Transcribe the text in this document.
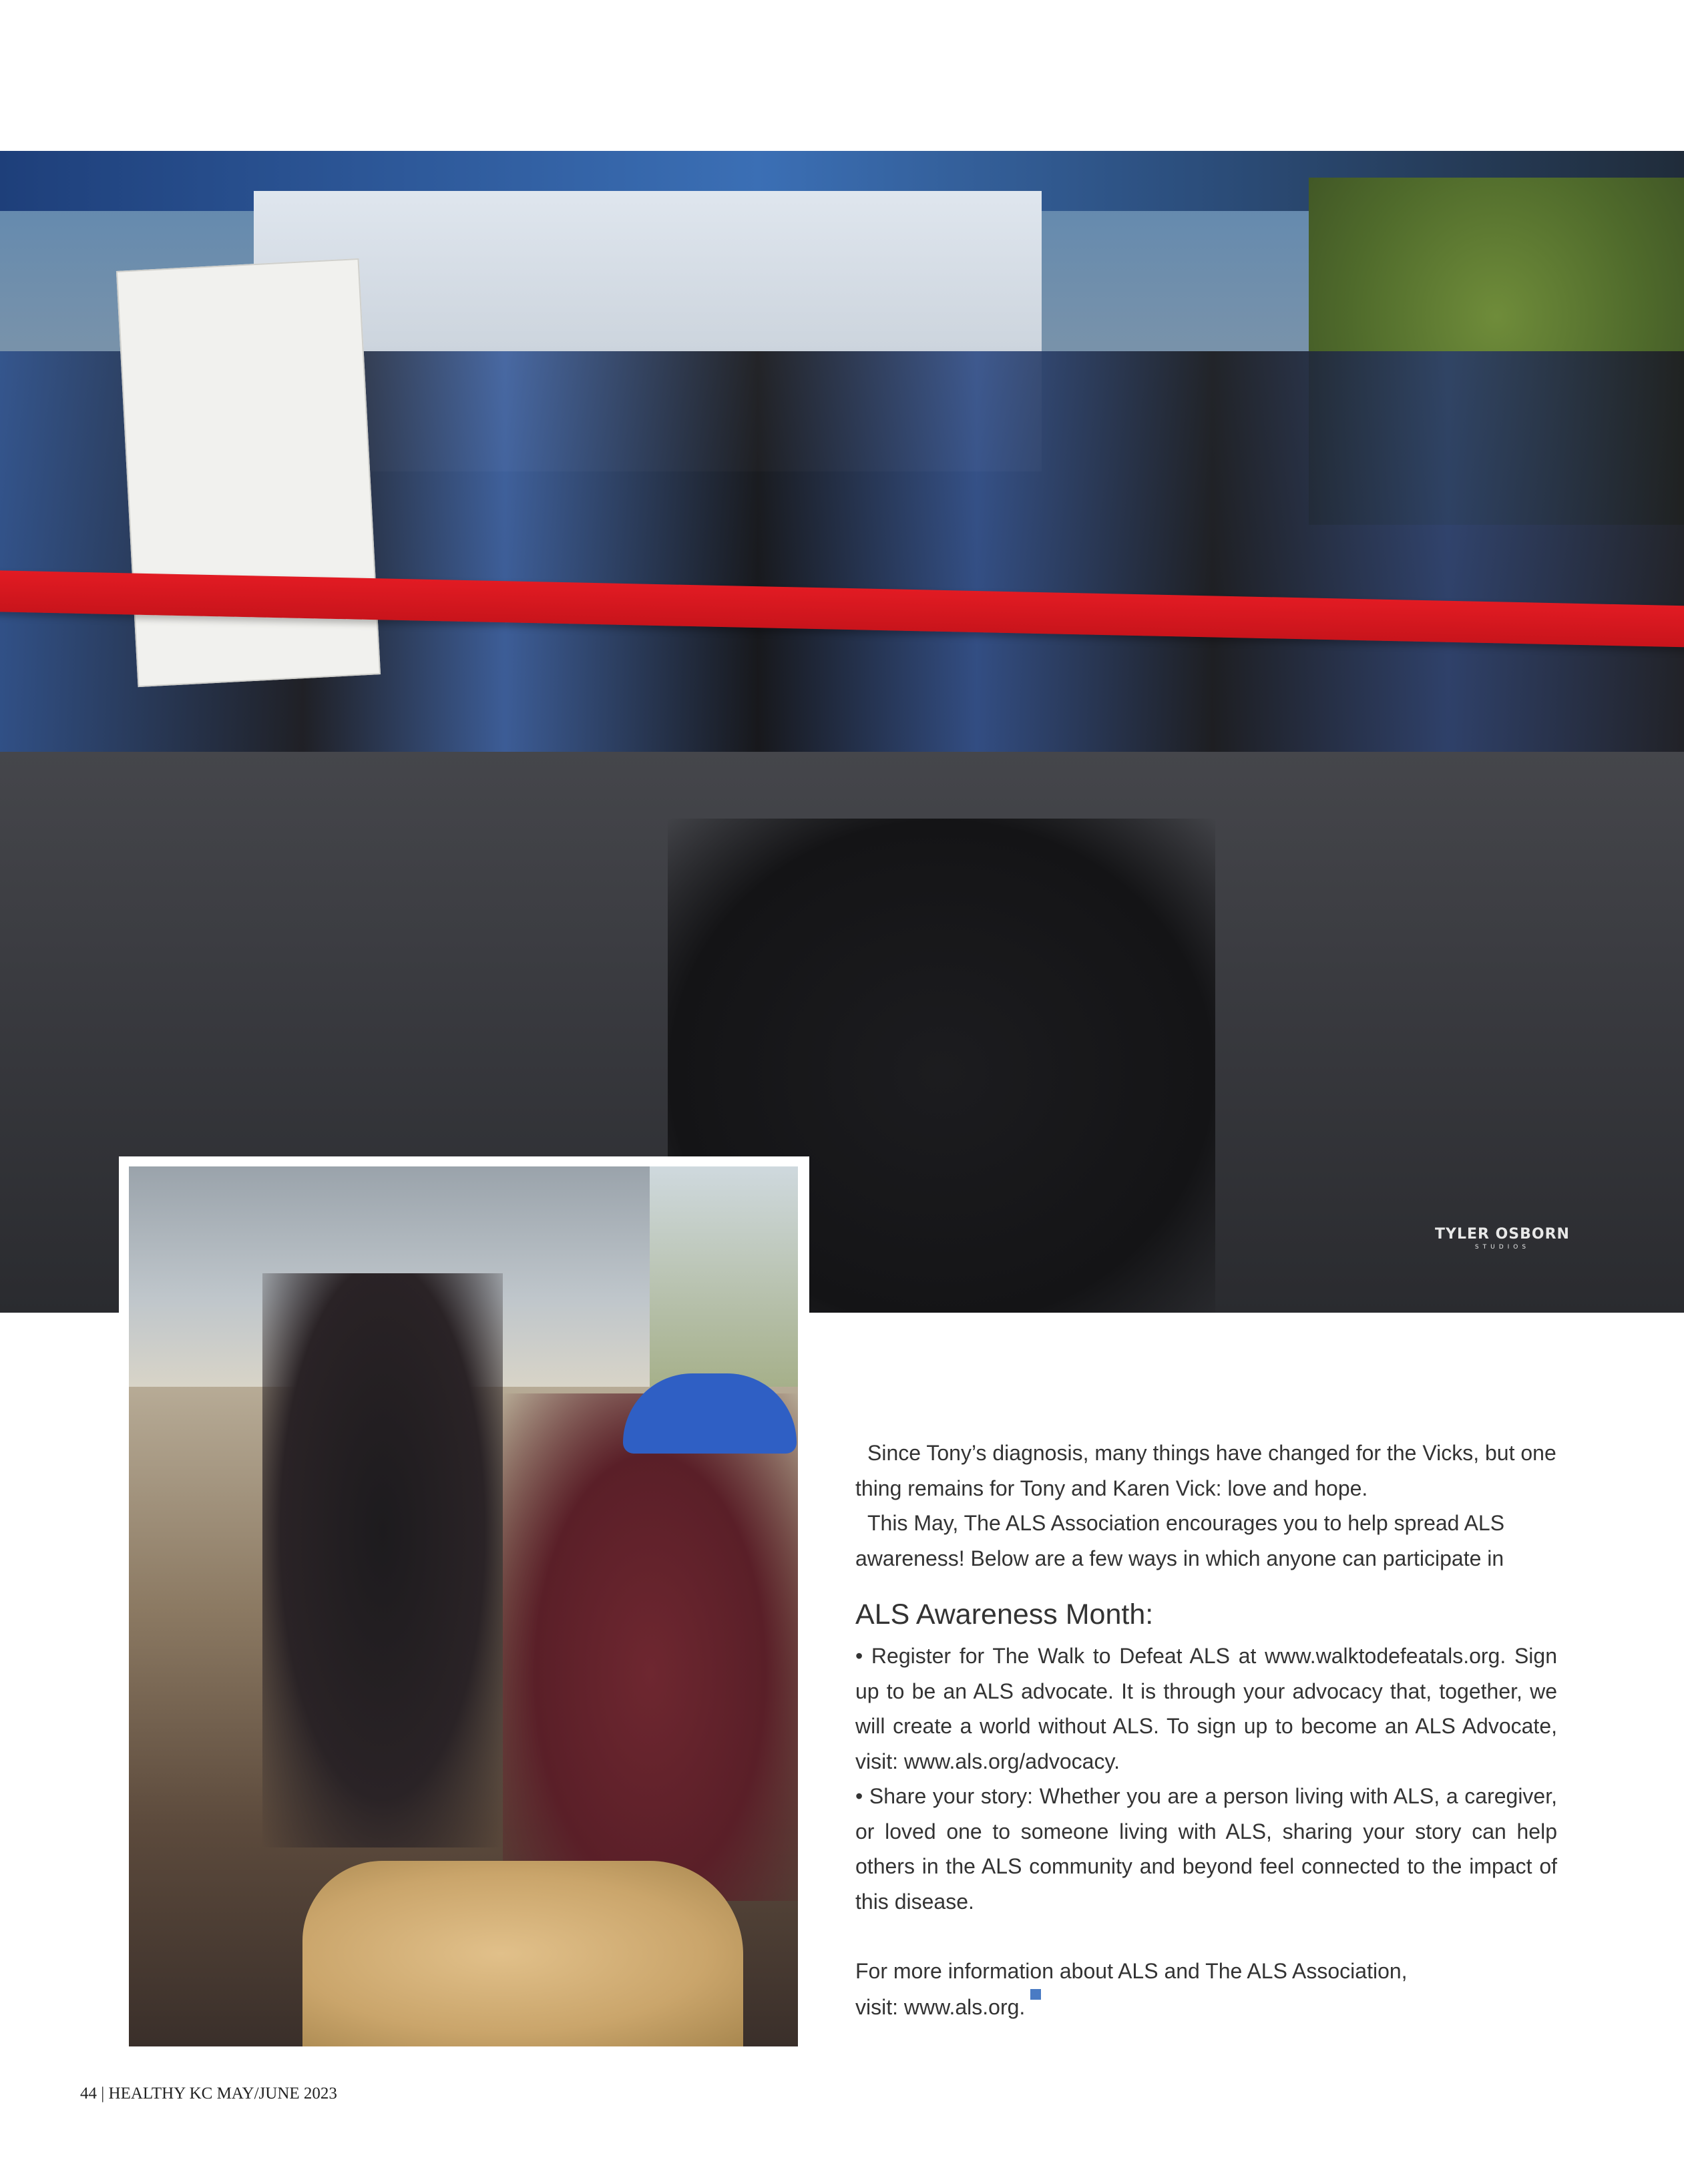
TYLER OSBORN
STUDIOS

Since Tony’s diagnosis, many things have changed for the Vicks, but one thing remains for Tony and Karen Vick: love and hope.

This May, The ALS Association encourages you to help spread ALS awareness! Below are a few ways in which anyone can participate in

ALS Awareness Month:

• Register for The Walk to Defeat ALS at www.walktodefeatals.org. Sign up to be an ALS advocate. It is through your advocacy that, together, we will create a world without ALS. To sign up to become an ALS Advocate, visit: www.als.org/advocacy.

• Share your story: Whether you are a person living with ALS, a caregiver, or loved one to someone living with ALS, sharing your story can help others in the ALS community and beyond feel connected to the impact of this disease.

For more information about ALS and The ALS Association,
visit: www.als.org.

44 | HEALTHY KC MAY/JUNE 2023
